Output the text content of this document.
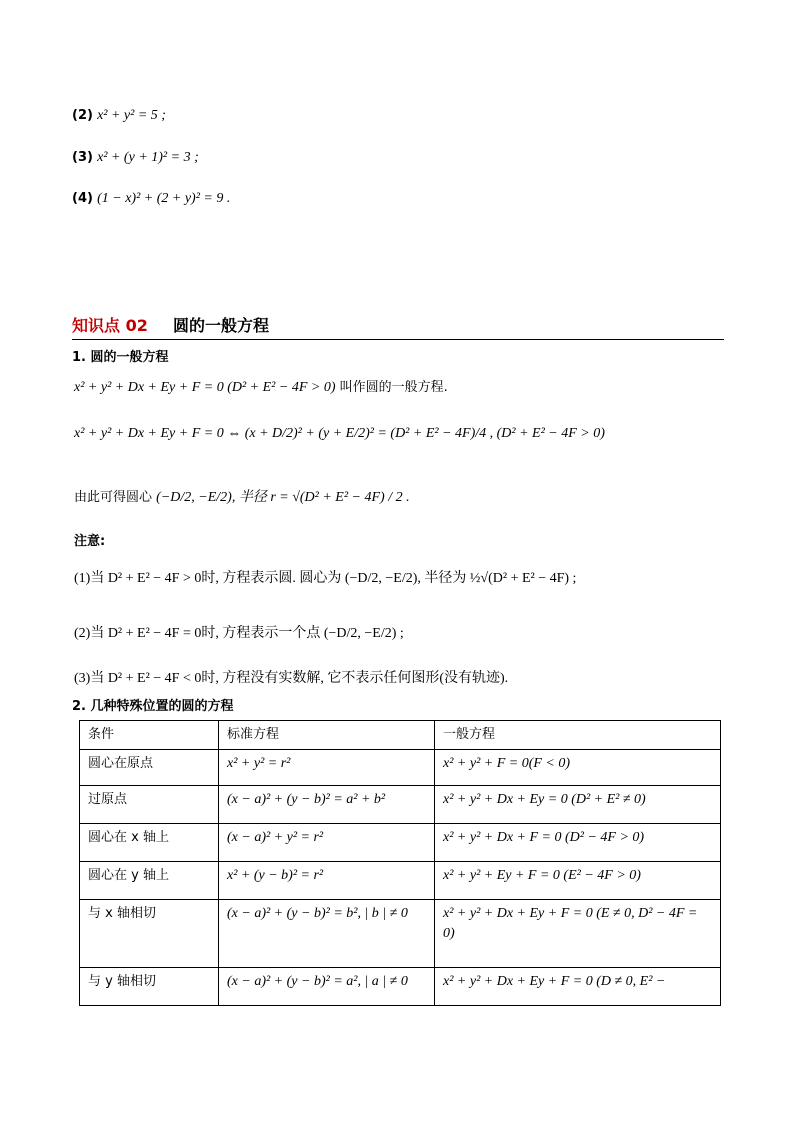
(2) x² + y² = 5 ;
(3) x² + (y + 1)² = 3 ;
(4) (1 − x)² + (2 + y)² = 9 .
知识点 02 圆的一般方程
1. 圆的一般方程
x² + y² + Dx + Ey + F = 0 (D² + E² − 4F > 0) 叫作圆的一般方程.
x² + y² + Dx + Ey + F = 0 ⇔ (x + D/2)² + (y + E/2)² = (D² + E² − 4F)/4 , (D² + E² − 4F > 0)
由此可得圆心 (−D/2, −E/2), 半径 r = √(D² + E² − 4F) / 2 .
注意:
(1)当 D² + E² − 4F > 0时, 方程表示圆. 圆心为 (−D/2, −E/2), 半径为 ½√(D² + E² − 4F) ;
(2)当 D² + E² − 4F = 0时, 方程表示一个点 (−D/2, −E/2) ;
(3)当 D² + E² − 4F < 0时, 方程没有实数解, 它不表示任何图形(没有轨迹).
2. 几种特殊位置的圆的方程
条件	标准方程	一般方程
圆心在原点	x² + y² = r²	x² + y² + F = 0(F < 0)
过原点	(x − a)² + (y − b)² = a² + b²	x² + y² + Dx + Ey = 0 (D² + E² ≠ 0)
圆心在 x 轴上	(x − a)² + y² = r²	x² + y² + Dx + F = 0 (D² − 4F > 0)
圆心在 y 轴上	x² + (y − b)² = r²	x² + y² + Ey + F = 0 (E² − 4F > 0)
与 x 轴相切	(x − a)² + (y − b)² = b², | b | ≠ 0	x² + y² + Dx + Ey + F = 0 (E ≠ 0, D² − 4F = 0)
与 y 轴相切	(x − a)² + (y − b)² = a², | a | ≠ 0	x² + y² + Dx + Ey + F = 0 (D ≠ 0, E² −
